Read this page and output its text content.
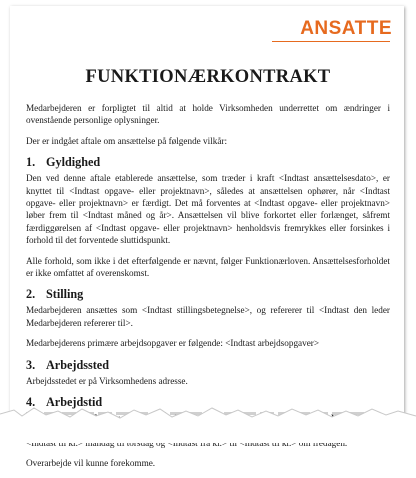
ANSATTE
FUNKTIONÆRKONTRAKT

Medarbejderen er forpligtet til altid at holde Virksomheden underrettet om ændringer i ovenstående personlige oplysninger.

Der er indgået aftale om ansættelse på følgende vilkår:

1. Gyldighed

Den ved denne aftale etablerede ansættelse, som træder i kraft <Indtast ansættelsesdato>, er knyttet til <Indtast opgave- eller projektnavn>, således at ansættelsen ophører, når <Indtast opgave- eller projektnavn> er færdigt. Det må forventes at <Indtast opgave- eller projektnavn> løber frem til <Indtast måned og år>. Ansættelsen vil blive forkortet eller forlænget, såfremt færdiggørelsen af <Indtast opgave- eller projektnavn> henholdsvis fremrykkes eller forsinkes i forhold til det forventede sluttidspunkt.

Alle forhold, som ikke i det efterfølgende er nævnt, følger Funktionærloven. Ansættelsesforholdet er ikke omfattet af overenskomst.

2. Stilling

Medarbejderen ansættes som <Indtast stillingsbetegnelse>, og refererer til <Indtast den leder Medarbejderen refererer til>.

Medarbejderens primære arbejdsopgaver er følgende: <Indtast arbejdsopgaver>

3. Arbejdssted

Arbejdsstedet er på Virksomhedens adresse.

4. Arbejdstid

Overarbejde vil kunne forekomme.
